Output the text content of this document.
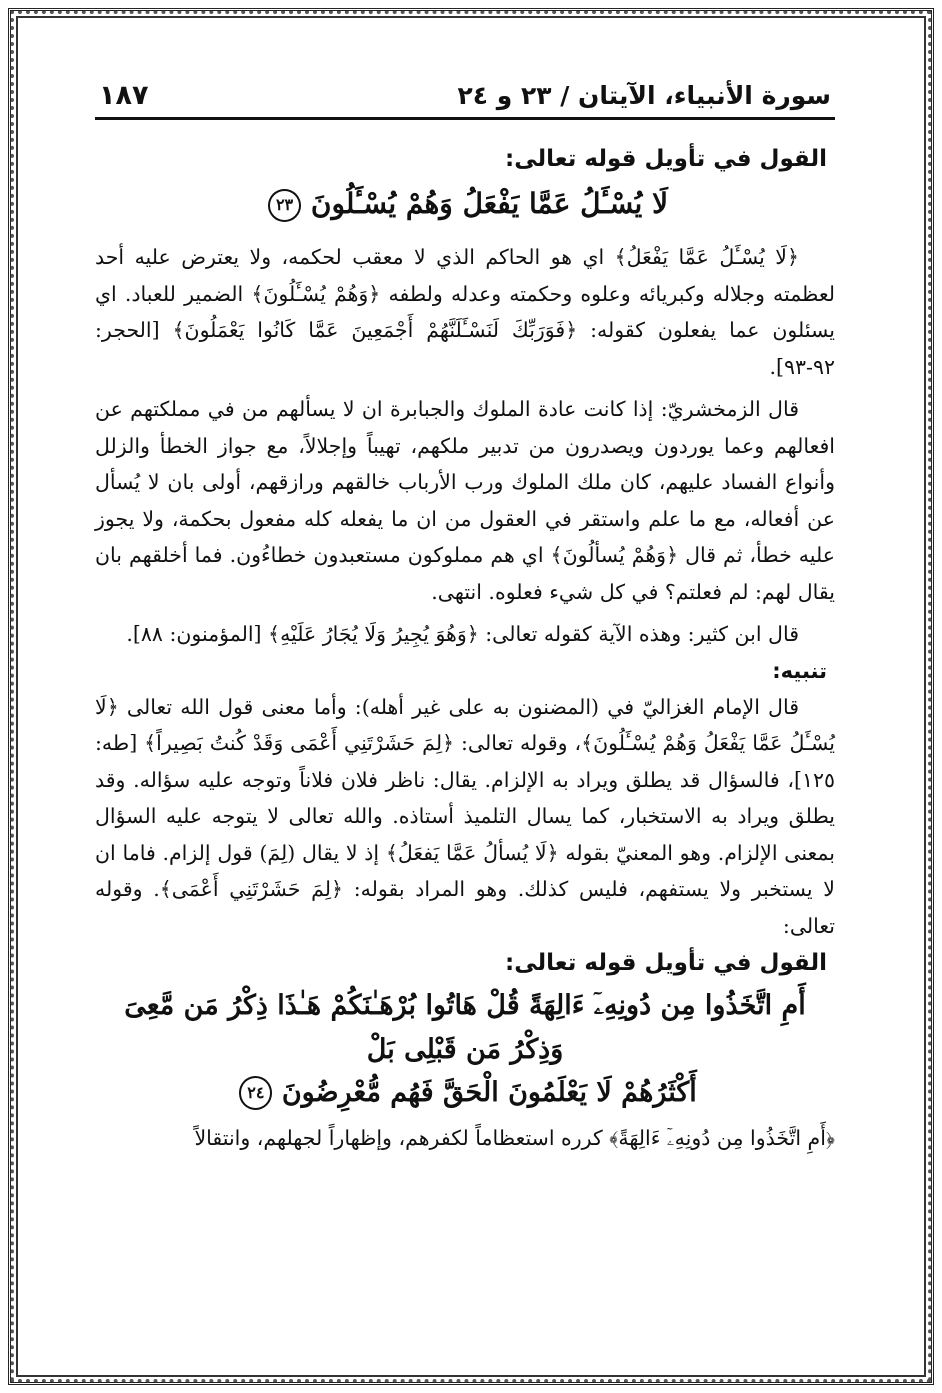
سورة الأنبياء، الآيتان / ٢٣ و ٢٤
١٨٧
القول في تأويل قوله تعالى:
لَا يُسْـَٔلُ عَمَّا يَفْعَلُ وَهُمْ يُسْـَٔلُونَ ٢٣

﴿لَا يُسْـَٔلُ عَمَّا يَفْعَلُ﴾ اي هو الحاكم الذي لا معقب لحكمه، ولا يعترض عليه أحد لعظمته وجلاله وكبريائه وعلوه وحكمته وعدله ولطفه ﴿وَهُمْ يُسْـَٔلُونَ﴾ الضمير للعباد. اي يسئلون عما يفعلون كقوله: ﴿فَوَرَبِّكَ لَنَسْـَٔلَنَّهُمْ أَجْمَعِينَ عَمَّا كَانُوا يَعْمَلُونَ﴾ [الحجر: ٩٢-٩٣].

قال الزمخشريّ: إذا كانت عادة الملوك والجبابرة ان لا يسألهم من في مملكتهم عن افعالهم وعما يوردون ويصدرون من تدبير ملكهم، تهيباً وإجلالاً، مع جواز الخطأ والزلل وأنواع الفساد عليهم، كان ملك الملوك ورب الأرباب خالقهم ورازقهم، أولى بان لا يُسأل عن أفعاله، مع ما علم واستقر في العقول من ان ما يفعله كله مفعول بحكمة، ولا يجوز عليه خطأ، ثم قال ﴿وَهُمْ يُسألُونَ﴾ اي هم مملوكون مستعبدون خطاءُون. فما أخلقهم بان يقال لهم: لم فعلتم؟ في كل شيء فعلوه. انتهى.

قال ابن كثير: وهذه الآية كقوله تعالى: ﴿وَهُوَ يُجِيرُ وَلَا يُجَارُ عَلَيْهِ﴾ [المؤمنون: ٨٨].

تنبيه:

قال الإمام الغزاليّ في (المضنون به على غير أهله): وأما معنى قول الله تعالى ﴿لَا يُسْـَٔلُ عَمَّا يَفْعَلُ وَهُمْ يُسْـَٔلُونَ﴾، وقوله تعالى: ﴿لِمَ حَشَرْتَنِي أَعْمَى وَقَدْ كُنتُ بَصِيراً﴾ [طه: ١٢٥]، فالسؤال قد يطلق ويراد به الإلزام. يقال: ناظر فلان فلاناً وتوجه عليه سؤاله. وقد يطلق ويراد به الاستخبار، كما يسال التلميذ أستاذه. والله تعالى لا يتوجه عليه السؤال بمعنى الإلزام. وهو المعنيّ بقوله ﴿لَا يُسألُ عَمَّا يَفعَلُ﴾ إذ لا يقال (لِمَ) قول إلزام. فاما ان لا يستخبر ولا يستفهم، فليس كذلك. وهو المراد بقوله: ﴿لِمَ حَشَرْتَنِي أَعْمَى﴾. وقوله تعالى:

القول في تأويل قوله تعالى:
أَمِ اتَّخَذُوا مِن دُونِهِۦٓ ءَالِهَةً قُلْ هَاتُوا بُرْهَـٰنَكُمْ هَـٰذَا ذِكْرُ مَن مَّعِىَ وَذِكْرُ مَن قَبْلِى بَلْ
أَكْثَرُهُمْ لَا يَعْلَمُونَ الْحَقَّ فَهُم مُّعْرِضُونَ ٢٤

﴿أَمِ اتَّخَذُوا مِن دُونِهِۦٓ ءَالِهَةً﴾ كرره استعظاماً لكفرهم، وإظهاراً لجهلهم، وانتقالاً
